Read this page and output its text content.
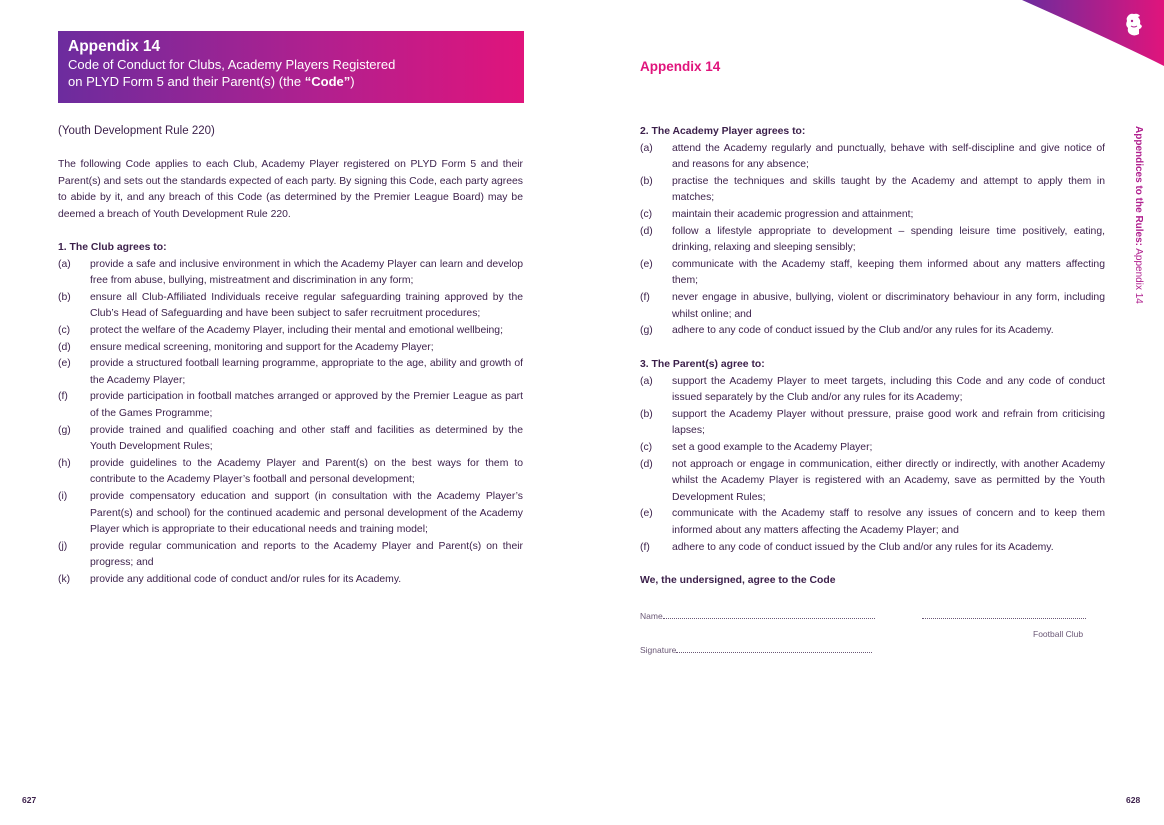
Appendix 14
Code of Conduct for Clubs, Academy Players Registered
on PLYD Form 5 and their Parent(s) (the “Code”)
(Youth Development Rule 220)
The following Code applies to each Club, Academy Player registered on PLYD Form 5 and their Parent(s) and sets out the standards expected of each party. By signing this Code, each party agrees to abide by it, and any breach of this Code (as determined by the Premier League Board) may be deemed a breach of Youth Development Rule 220.
1. The Club agrees to:
(a) provide a safe and inclusive environment in which the Academy Player can learn and develop free from abuse, bullying, mistreatment and discrimination in any form;
(b) ensure all Club-Affiliated Individuals receive regular safeguarding training approved by the Club’s Head of Safeguarding and have been subject to safer recruitment procedures;
(c) protect the welfare of the Academy Player, including their mental and emotional wellbeing;
(d) ensure medical screening, monitoring and support for the Academy Player;
(e) provide a structured football learning programme, appropriate to the age, ability and growth of the Academy Player;
(f) provide participation in football matches arranged or approved by the Premier League as part of the Games Programme;
(g) provide trained and qualified coaching and other staff and facilities as determined by the Youth Development Rules;
(h) provide guidelines to the Academy Player and Parent(s) on the best ways for them to contribute to the Academy Player’s football and personal development;
(i) provide compensatory education and support (in consultation with the Academy Player’s Parent(s) and school) for the continued academic and personal development of the Academy Player which is appropriate to their educational needs and training model;
(j) provide regular communication and reports to the Academy Player and Parent(s) on their progress; and
(k) provide any additional code of conduct and/or rules for its Academy.
627
Appendix 14
2. The Academy Player agrees to:
(a) attend the Academy regularly and punctually, behave with self-discipline and give notice of and reasons for any absence;
(b) practise the techniques and skills taught by the Academy and attempt to apply them in matches;
(c) maintain their academic progression and attainment;
(d) follow a lifestyle appropriate to development – spending leisure time positively, eating, drinking, relaxing and sleeping sensibly;
(e) communicate with the Academy staff, keeping them informed about any matters affecting them;
(f) never engage in abusive, bullying, violent or discriminatory behaviour in any form, including whilst online; and
(g) adhere to any code of conduct issued by the Club and/or any rules for its Academy.
3. The Parent(s) agree to:
(a) support the Academy Player to meet targets, including this Code and any code of conduct issued separately by the Club and/or any rules for its Academy;
(b) support the Academy Player without pressure, praise good work and refrain from criticising lapses;
(c) set a good example to the Academy Player;
(d) not approach or engage in communication, either directly or indirectly, with another Academy whilst the Academy Player is registered with an Academy, save as permitted by the Youth Development Rules;
(e) communicate with the Academy staff to resolve any issues of concern and to keep them informed about any matters affecting the Academy Player; and
(f) adhere to any code of conduct issued by the Club and/or any rules for its Academy.
We, the undersigned, agree to the Code
Name
Football Club
Signature
Appendices to the Rules: Appendix 14
628
